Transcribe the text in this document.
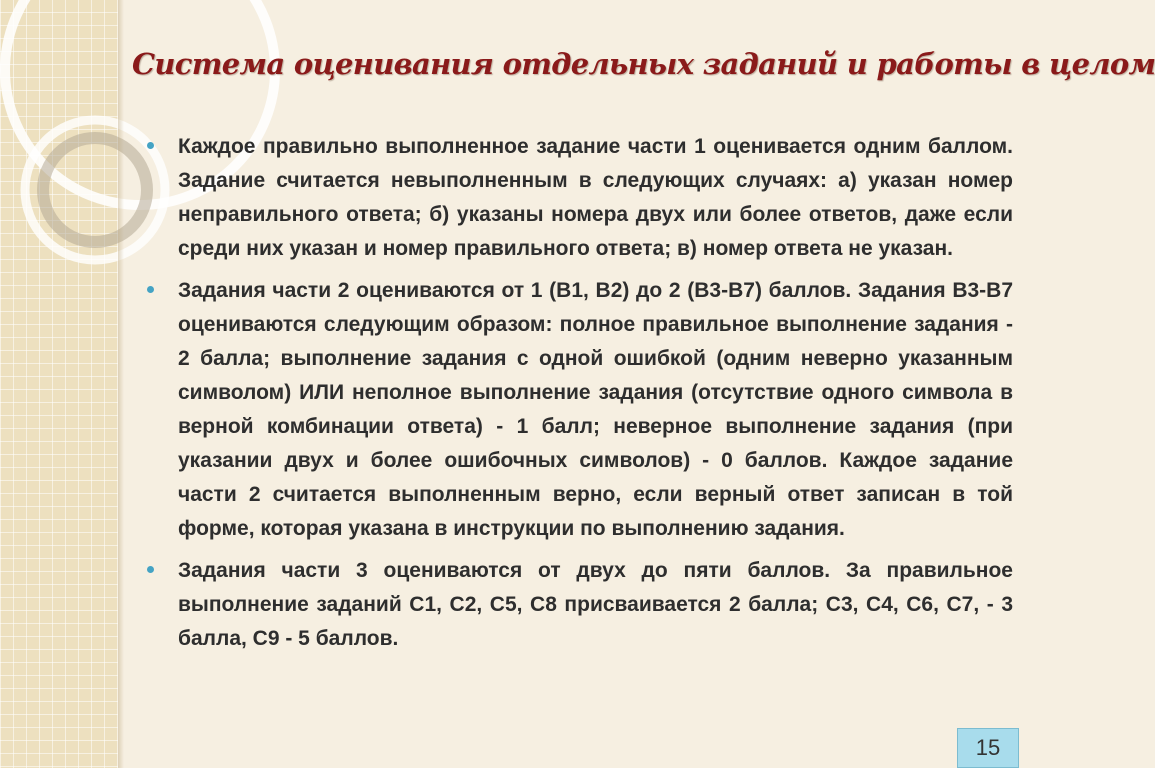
Система оценивания отдельных заданий и работы в целом
Каждое правильно выполненное задание части 1 оценивается одним баллом. Задание считается невыполненным в следующих случаях: а) указан номер неправильного ответа; б) указаны номера двух или более ответов, даже если среди них указан и номер правильного ответа; в) номер ответа не указан.
Задания части 2 оцениваются от 1 (В1, В2) до 2 (В3-В7) баллов. Задания В3-В7 оцениваются следующим образом: полное правильное выполнение задания - 2 балла; выполнение задания с одной ошибкой (одним неверно указанным символом) ИЛИ неполное выполнение задания (отсутствие одного символа в верной комбинации ответа) - 1 балл; неверное выполнение задания (при указании двух и более ошибочных символов) - 0 баллов. Каждое задание части 2 считается выполненным верно, если верный ответ записан в той форме, которая указана в инструкции по выполнению задания.
Задания части 3 оцениваются от двух до пяти баллов. За правильное выполнение заданий С1, С2, С5, С8 присваивается 2 балла; С3, С4, С6, С7, - 3 балла, С9 - 5 баллов.
15
